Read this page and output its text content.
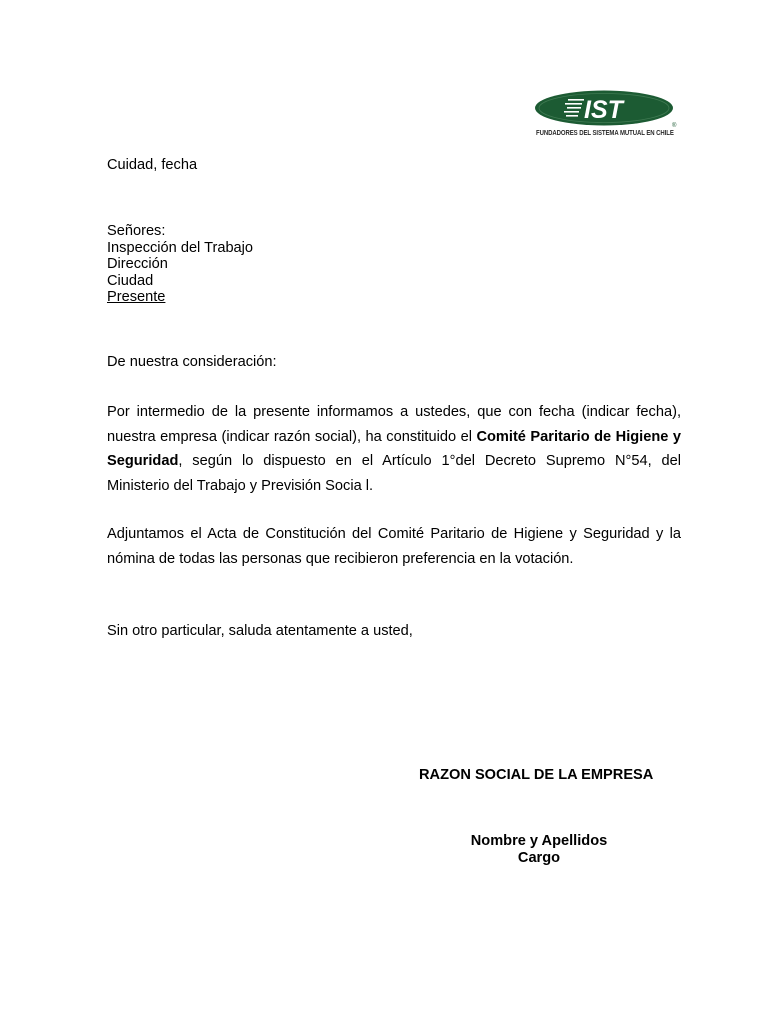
IST
®
FUNDADORES DEL SISTEMA MUTUAL EN CHILE
Cuidad, fecha
Señores:
Inspección del Trabajo
Dirección
Ciudad
Presente
De nuestra consideración:
Por intermedio de la presente informamos a ustedes, que con fecha (indicar fecha), nuestra empresa (indicar razón social), ha constituido el Comité Paritario de Higiene y Seguridad, según lo dispuesto en el Artículo 1°del Decreto Supremo N°54, del Ministerio del Trabajo y Previsión Socia l.
Adjuntamos el Acta de Constitución del Comité Paritario de Higiene y Seguridad y la nómina de todas las personas que recibieron preferencia en la votación.
Sin otro particular, saluda atentamente a usted,
RAZON SOCIAL DE LA EMPRESA
Nombre y Apellidos
Cargo
